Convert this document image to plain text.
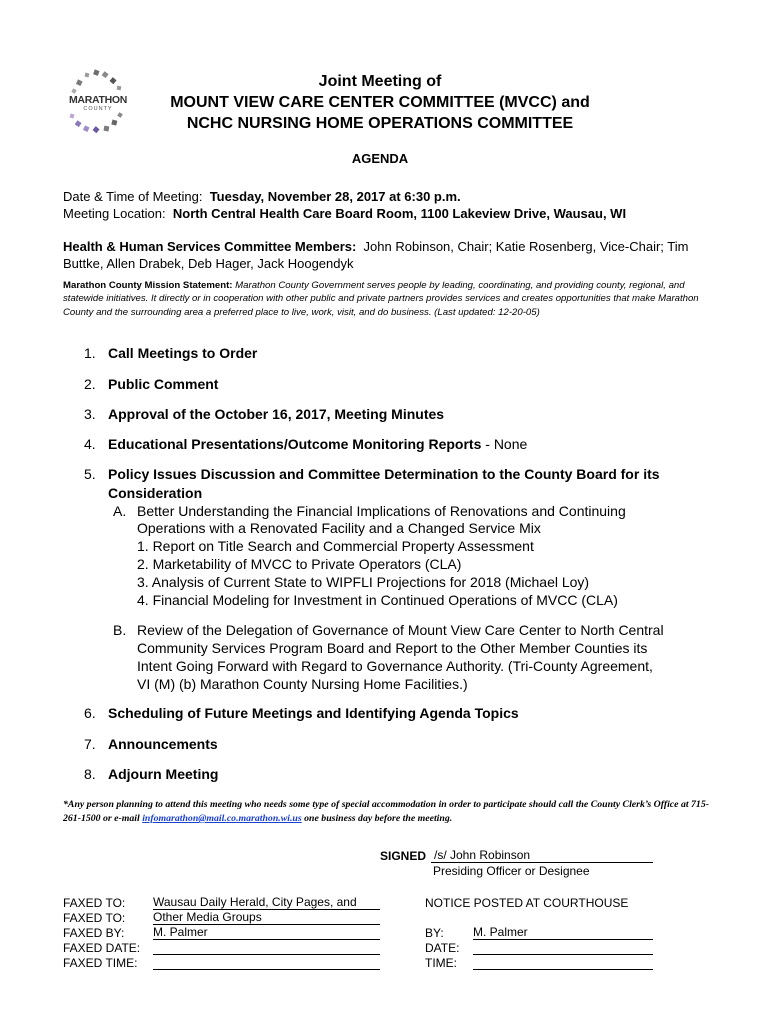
MARATHON
COUNTY
Joint Meeting of
MOUNT VIEW CARE CENTER COMMITTEE (MVCC) and
NCHC NURSING HOME OPERATIONS COMMITTEE
AGENDA
Date & Time of Meeting: Tuesday, November 28, 2017 at 6:30 p.m.
Meeting Location: North Central Health Care Board Room, 1100 Lakeview Drive, Wausau, WI
Health & Human Services Committee Members: John Robinson, Chair; Katie Rosenberg, Vice-Chair; Tim Buttke, Allen Drabek, Deb Hager, Jack Hoogendyk
Marathon County Mission Statement: Marathon County Government serves people by leading, coordinating, and providing county, regional, and statewide initiatives. It directly or in cooperation with other public and private partners provides services and creates opportunities that make Marathon County and the surrounding area a preferred place to live, work, visit, and do business. (Last updated: 12-20-05)
1. Call Meetings to Order
2. Public Comment
3. Approval of the October 16, 2017, Meeting Minutes
4. Educational Presentations/Outcome Monitoring Reports - None
5. Policy Issues Discussion and Committee Determination to the County Board for its
Consideration
A. Better Understanding the Financial Implications of Renovations and Continuing
Operations with a Renovated Facility and a Changed Service Mix
1. Report on Title Search and Commercial Property Assessment
2. Marketability of MVCC to Private Operators (CLA)
3. Analysis of Current State to WIPFLI Projections for 2018 (Michael Loy)
4. Financial Modeling for Investment in Continued Operations of MVCC (CLA)
B. Review of the Delegation of Governance of Mount View Care Center to North Central
Community Services Program Board and Report to the Other Member Counties its
Intent Going Forward with Regard to Governance Authority. (Tri-County Agreement,
VI (M) (b) Marathon County Nursing Home Facilities.)
6. Scheduling of Future Meetings and Identifying Agenda Topics
7. Announcements
8. Adjourn Meeting
*Any person planning to attend this meeting who needs some type of special accommodation in order to participate should call the County Clerk’s Office at 715-261-1500 or e-mail infomarathon@mail.co.marathon.wi.us one business day before the meeting.
SIGNED /s/ John Robinson
Presiding Officer or Designee
FAXED TO: Wausau Daily Herald, City Pages, and
FAXED TO: Other Media Groups
FAXED BY: M. Palmer
FAXED DATE:
FAXED TIME:
NOTICE POSTED AT COURTHOUSE
BY: M. Palmer
DATE:
TIME:
